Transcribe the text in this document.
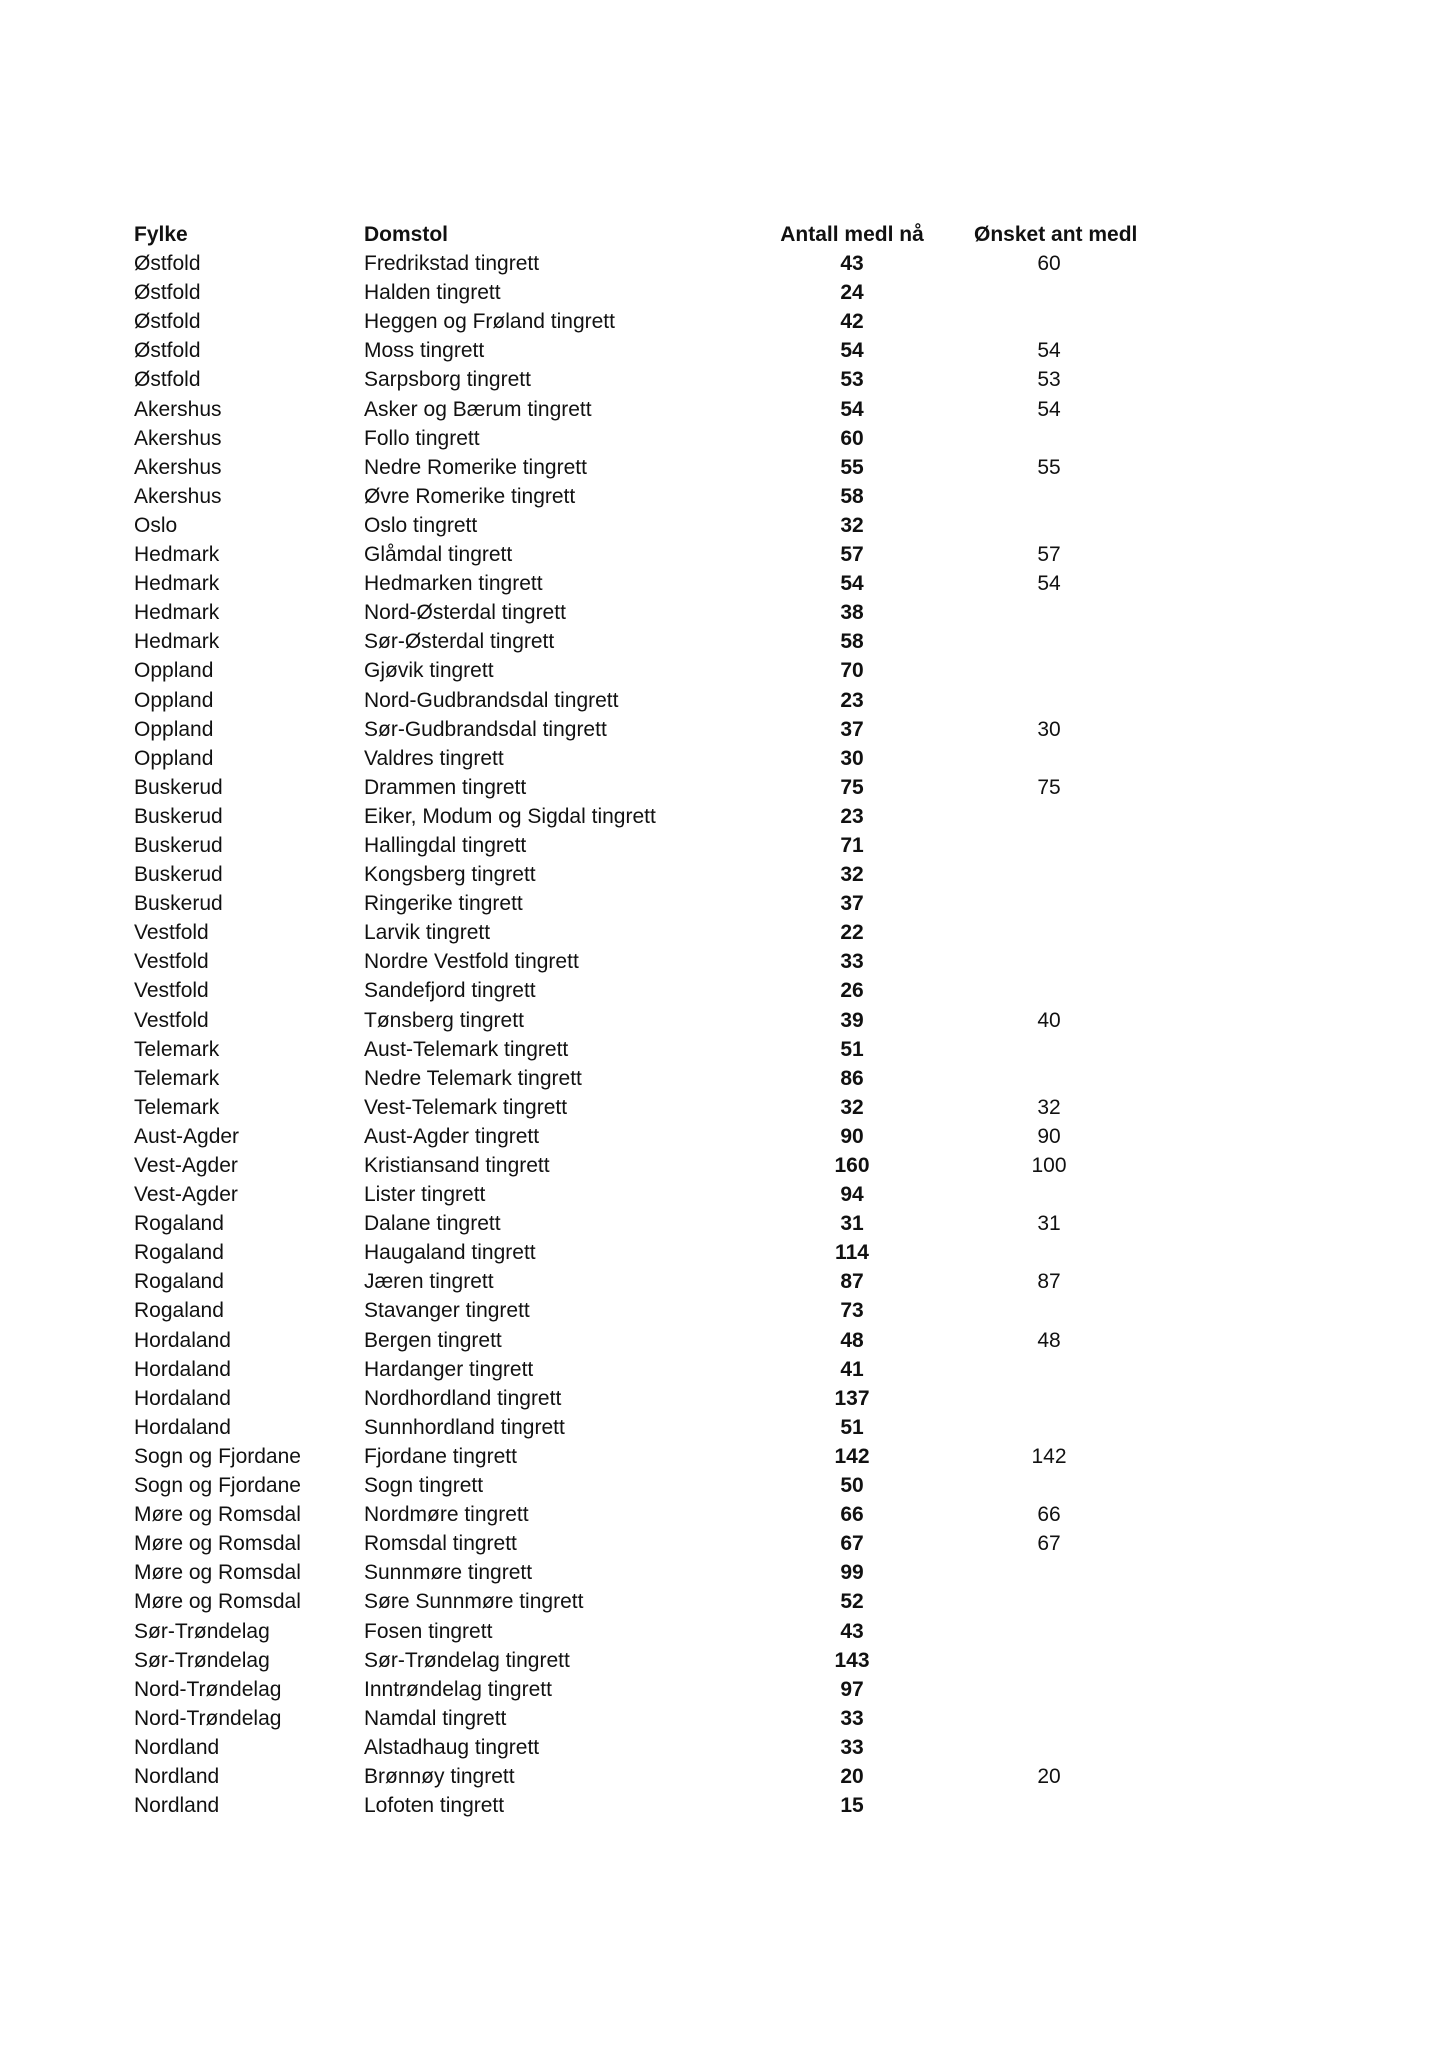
Fylke	Domstol	Antall medl nå	Ønsket ant medl
Østfold	Fredrikstad tingrett	43	60
Østfold	Halden tingrett	24
Østfold	Heggen og Frøland tingrett	42
Østfold	Moss tingrett	54	54
Østfold	Sarpsborg tingrett	53	53
Akershus	Asker og Bærum tingrett	54	54
Akershus	Follo tingrett	60
Akershus	Nedre Romerike tingrett	55	55
Akershus	Øvre Romerike tingrett	58
Oslo	Oslo tingrett	32
Hedmark	Glåmdal tingrett	57	57
Hedmark	Hedmarken tingrett	54	54
Hedmark	Nord-Østerdal tingrett	38
Hedmark	Sør-Østerdal tingrett	58
Oppland	Gjøvik tingrett	70
Oppland	Nord-Gudbrandsdal tingrett	23
Oppland	Sør-Gudbrandsdal tingrett	37	30
Oppland	Valdres tingrett	30
Buskerud	Drammen tingrett	75	75
Buskerud	Eiker, Modum og Sigdal tingrett	23
Buskerud	Hallingdal tingrett	71
Buskerud	Kongsberg tingrett	32
Buskerud	Ringerike tingrett	37
Vestfold	Larvik tingrett	22
Vestfold	Nordre Vestfold tingrett	33
Vestfold	Sandefjord tingrett	26
Vestfold	Tønsberg tingrett	39	40
Telemark	Aust-Telemark tingrett	51
Telemark	Nedre Telemark tingrett	86
Telemark	Vest-Telemark tingrett	32	32
Aust-Agder	Aust-Agder tingrett	90	90
Vest-Agder	Kristiansand tingrett	160	100
Vest-Agder	Lister tingrett	94
Rogaland	Dalane tingrett	31	31
Rogaland	Haugaland tingrett	114
Rogaland	Jæren tingrett	87	87
Rogaland	Stavanger tingrett	73
Hordaland	Bergen tingrett	48	48
Hordaland	Hardanger tingrett	41
Hordaland	Nordhordland tingrett	137
Hordaland	Sunnhordland tingrett	51
Sogn og Fjordane	Fjordane tingrett	142	142
Sogn og Fjordane	Sogn tingrett	50
Møre og Romsdal	Nordmøre tingrett	66	66
Møre og Romsdal	Romsdal tingrett	67	67
Møre og Romsdal	Sunnmøre tingrett	99
Møre og Romsdal	Søre Sunnmøre tingrett	52
Sør-Trøndelag	Fosen tingrett	43
Sør-Trøndelag	Sør-Trøndelag tingrett	143
Nord-Trøndelag	Inntrøndelag tingrett	97
Nord-Trøndelag	Namdal tingrett	33
Nordland	Alstadhaug tingrett	33
Nordland	Brønnøy tingrett	20	20
Nordland	Lofoten tingrett	15
